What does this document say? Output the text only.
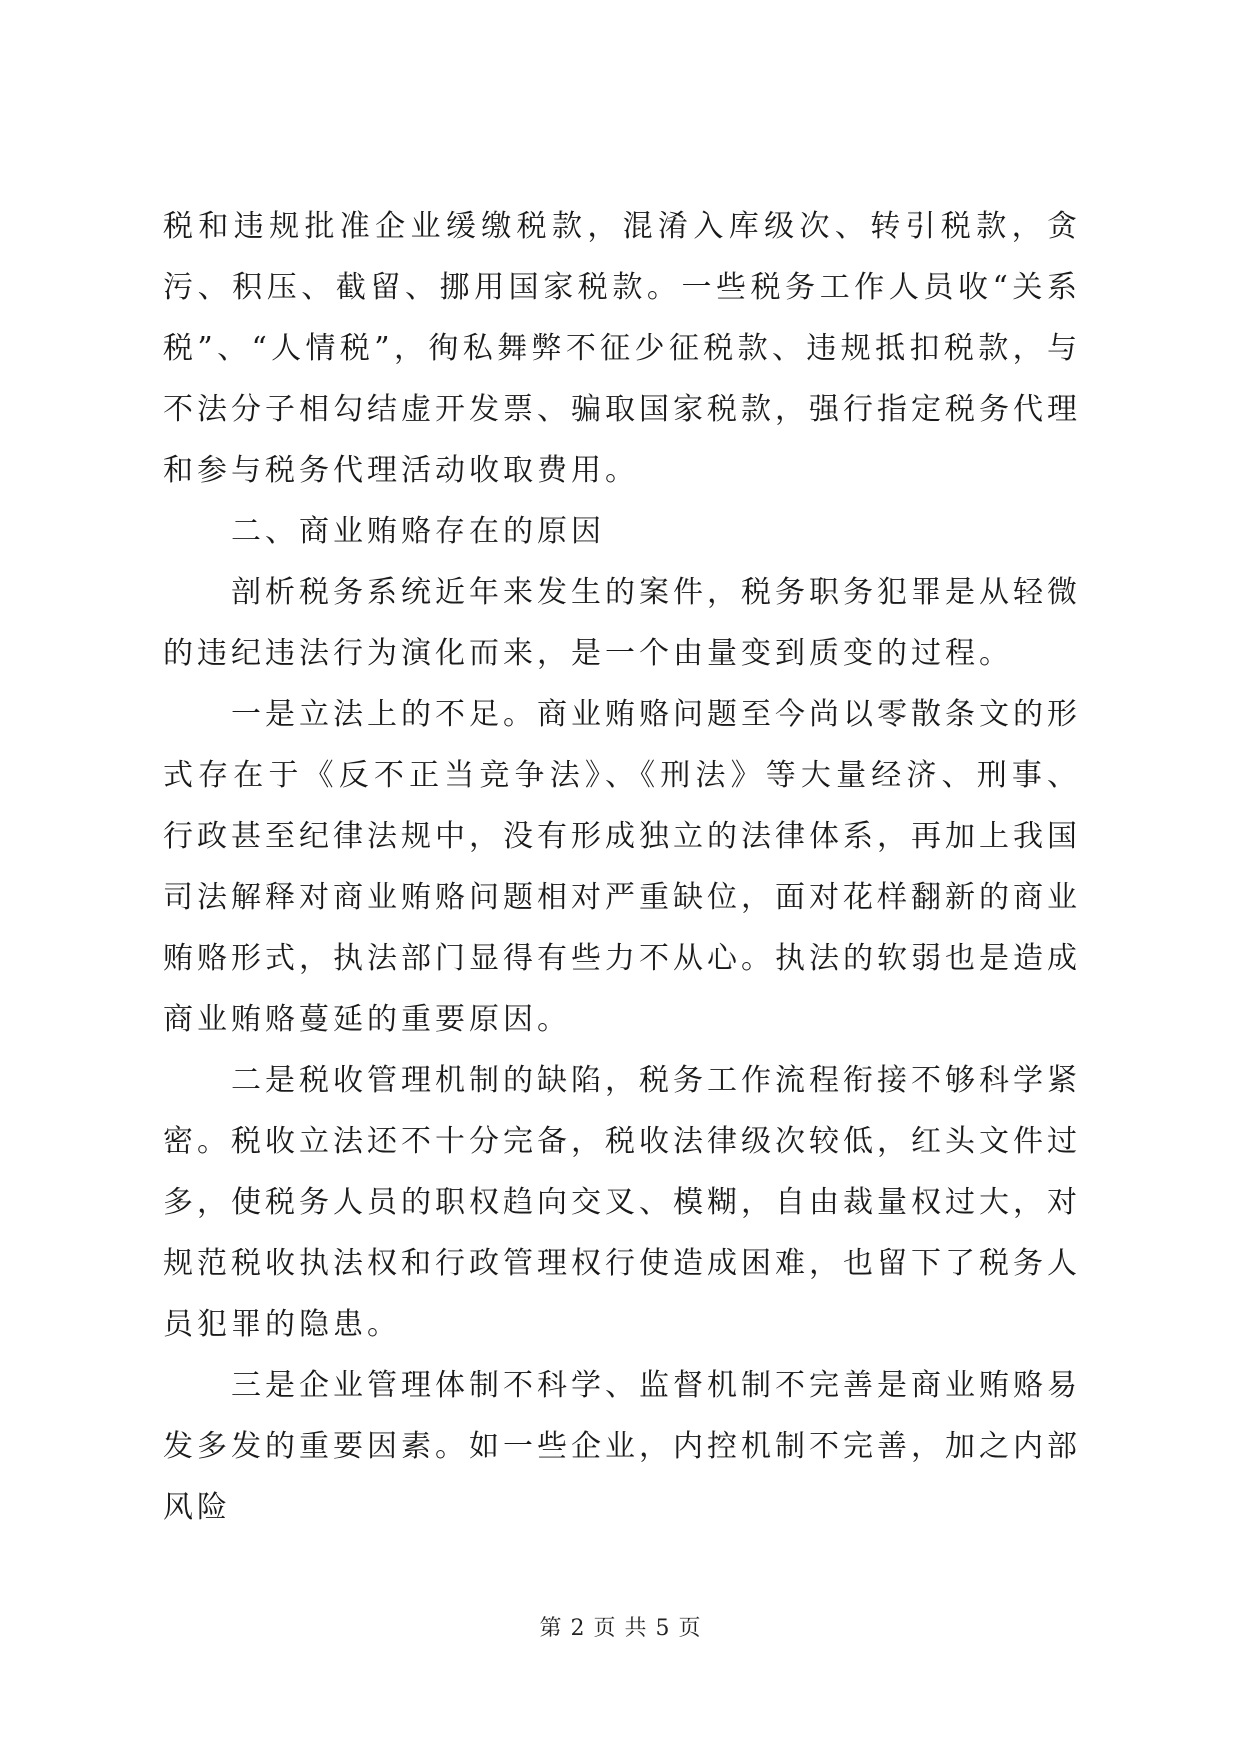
税和违规批准企业缓缴税款，混淆入库级次、转引税款，贪污、积压、截留、挪用国家税款。一些税务工作人员收“关系税”、“人情税”，徇私舞弊不征少征税款、违规抵扣税款，与不法分子相勾结虚开发票、骗取国家税款，强行指定税务代理和参与税务代理活动收取费用。

二、商业贿赂存在的原因

剖析税务系统近年来发生的案件，税务职务犯罪是从轻微的违纪违法行为演化而来，是一个由量变到质变的过程。

一是立法上的不足。商业贿赂问题至今尚以零散条文的形式存在于《反不正当竞争法》、《刑法》等大量经济、刑事、行政甚至纪律法规中，没有形成独立的法律体系，再加上我国司法解释对商业贿赂问题相对严重缺位，面对花样翻新的商业贿赂形式，执法部门显得有些力不从心。执法的软弱也是造成商业贿赂蔓延的重要原因。

二是税收管理机制的缺陷，税务工作流程衔接不够科学紧密。税收立法还不十分完备，税收法律级次较低，红头文件过多，使税务人员的职权趋向交叉、模糊，自由裁量权过大，对规范税收执法权和行政管理权行使造成困难，也留下了税务人员犯罪的隐患。

三是企业管理体制不科学、监督机制不完善是商业贿赂易发多发的重要因素。如一些企业，内控机制不完善，加之内部风险

第 2 页 共 5 页
